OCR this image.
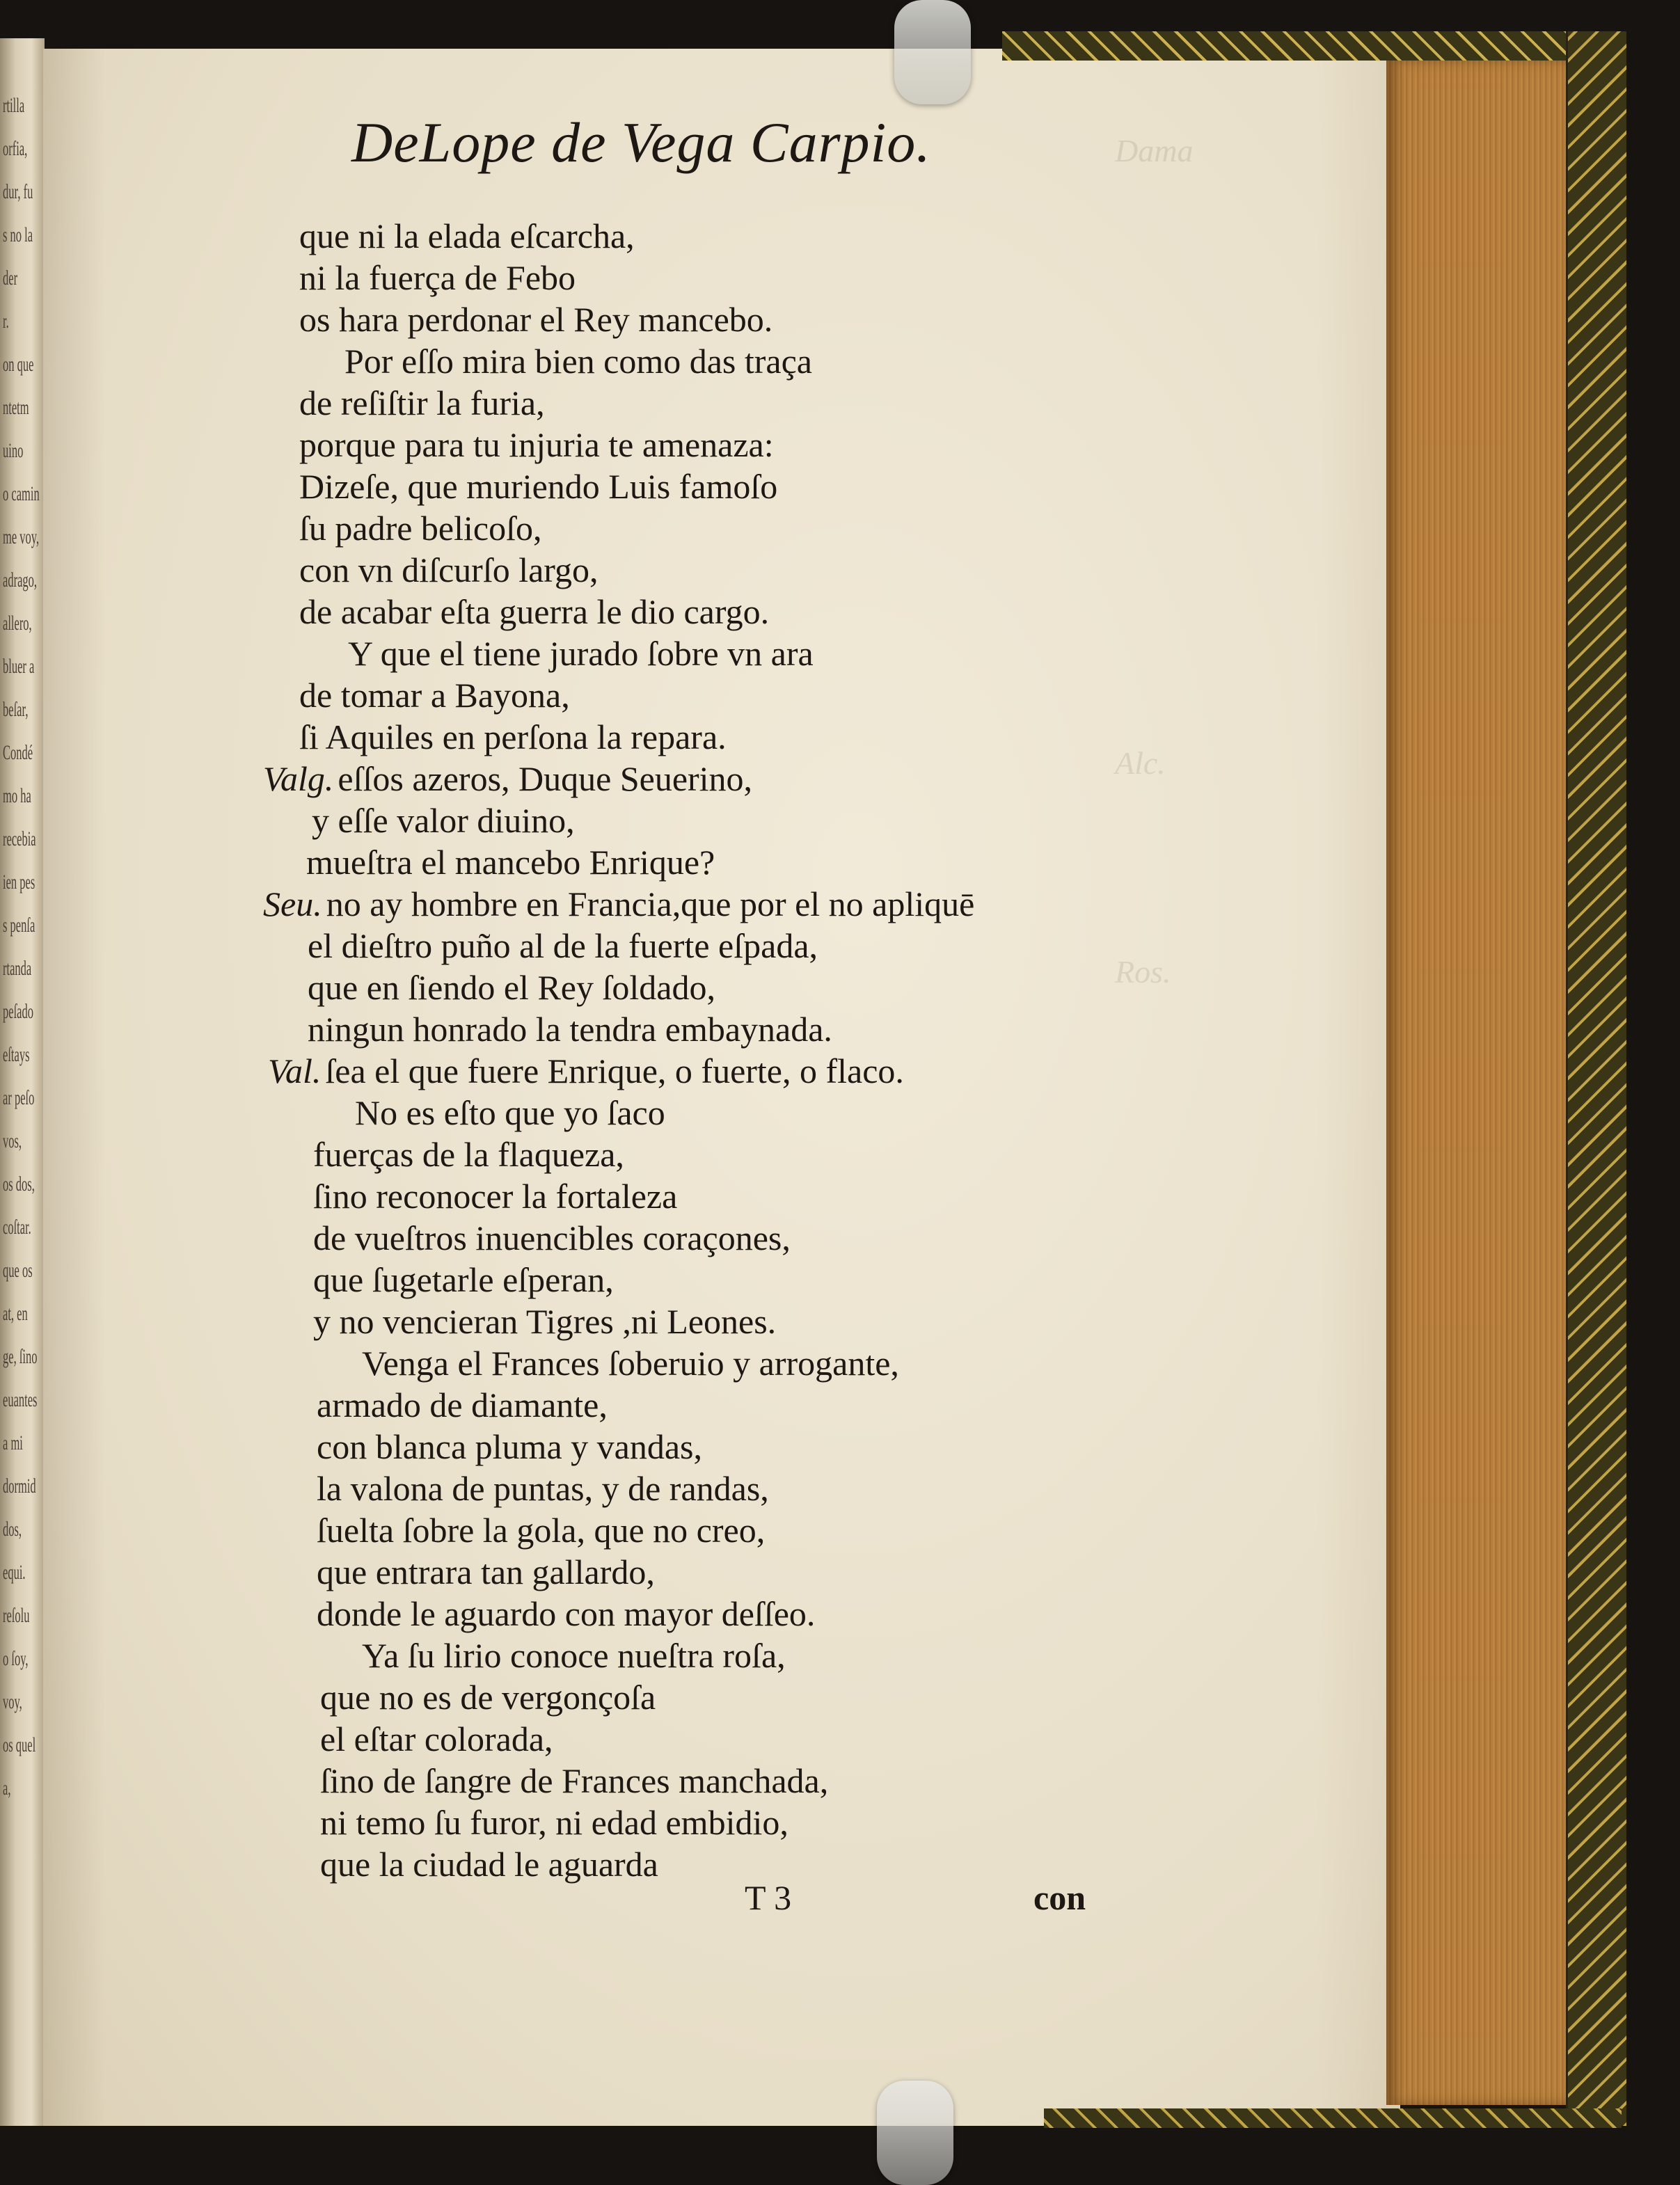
rtilla
orfia,
dur, fu
s no la
der
r.
on que
ntetm
uino
o camin
me voy,
adrago,
allero,
bluer a
beſar,
Condé
mo ha
recebia
ien pes
s penſa
rtanda
peſado
eſtays
ar peſo
vos,
os dos,
coſtar.
que os
at, en
ge, ſino
euantes
a mi
dormid
dos,
equi.
reſolu
o ſoy,
voy,
os quel
a,
Dama
Alc.
Ros.
DeLope de Vega Carpio.
que ni la elada eſcarcha,
ni la fuerça de Febo
os hara perdonar el Rey mancebo.
Por eſſo mira bien como das traça
de reſiſtir la furia,
porque para tu injuria te amenaza:
Dizeſe, que muriendo Luis famoſo
ſu padre belicoſo,
con vn diſcurſo largo,
de acabar eſta guerra le dio cargo.
Y que el tiene jurado ſobre vn ara
de tomar a Bayona,
ſi Aquiles en perſona la repara.
Valg. eſſos azeros, Duque Seuerino,
y eſſe valor diuino,
mueſtra el mancebo Enrique?
Seu. no ay hombre en Francia,que por el no apliquē
el dieſtro puño al de la fuerte eſpada,
que en ſiendo el Rey ſoldado,
ningun honrado la tendra embaynada.
Val. ſea el que fuere Enrique, o fuerte, o flaco.
No es eſto que yo ſaco
fuerças de la flaqueza,
ſino reconocer la fortaleza
de vueſtros inuencibles coraçones,
que ſugetarle eſperan,
y no vencieran Tigres ,ni Leones.
Venga el Frances ſoberuio y arrogante,
armado de diamante,
con blanca pluma y vandas,
la valona de puntas, y de randas,
ſuelta ſobre la gola, que no creo,
que entrara tan gallardo,
donde le aguardo con mayor deſſeo.
Ya ſu lirio conoce nueſtra roſa,
que no es de vergonçoſa
el eſtar colorada,
ſino de ſangre de Frances manchada,
ni temo ſu furor, ni edad embidio,
que la ciudad le aguarda
T 3	con
